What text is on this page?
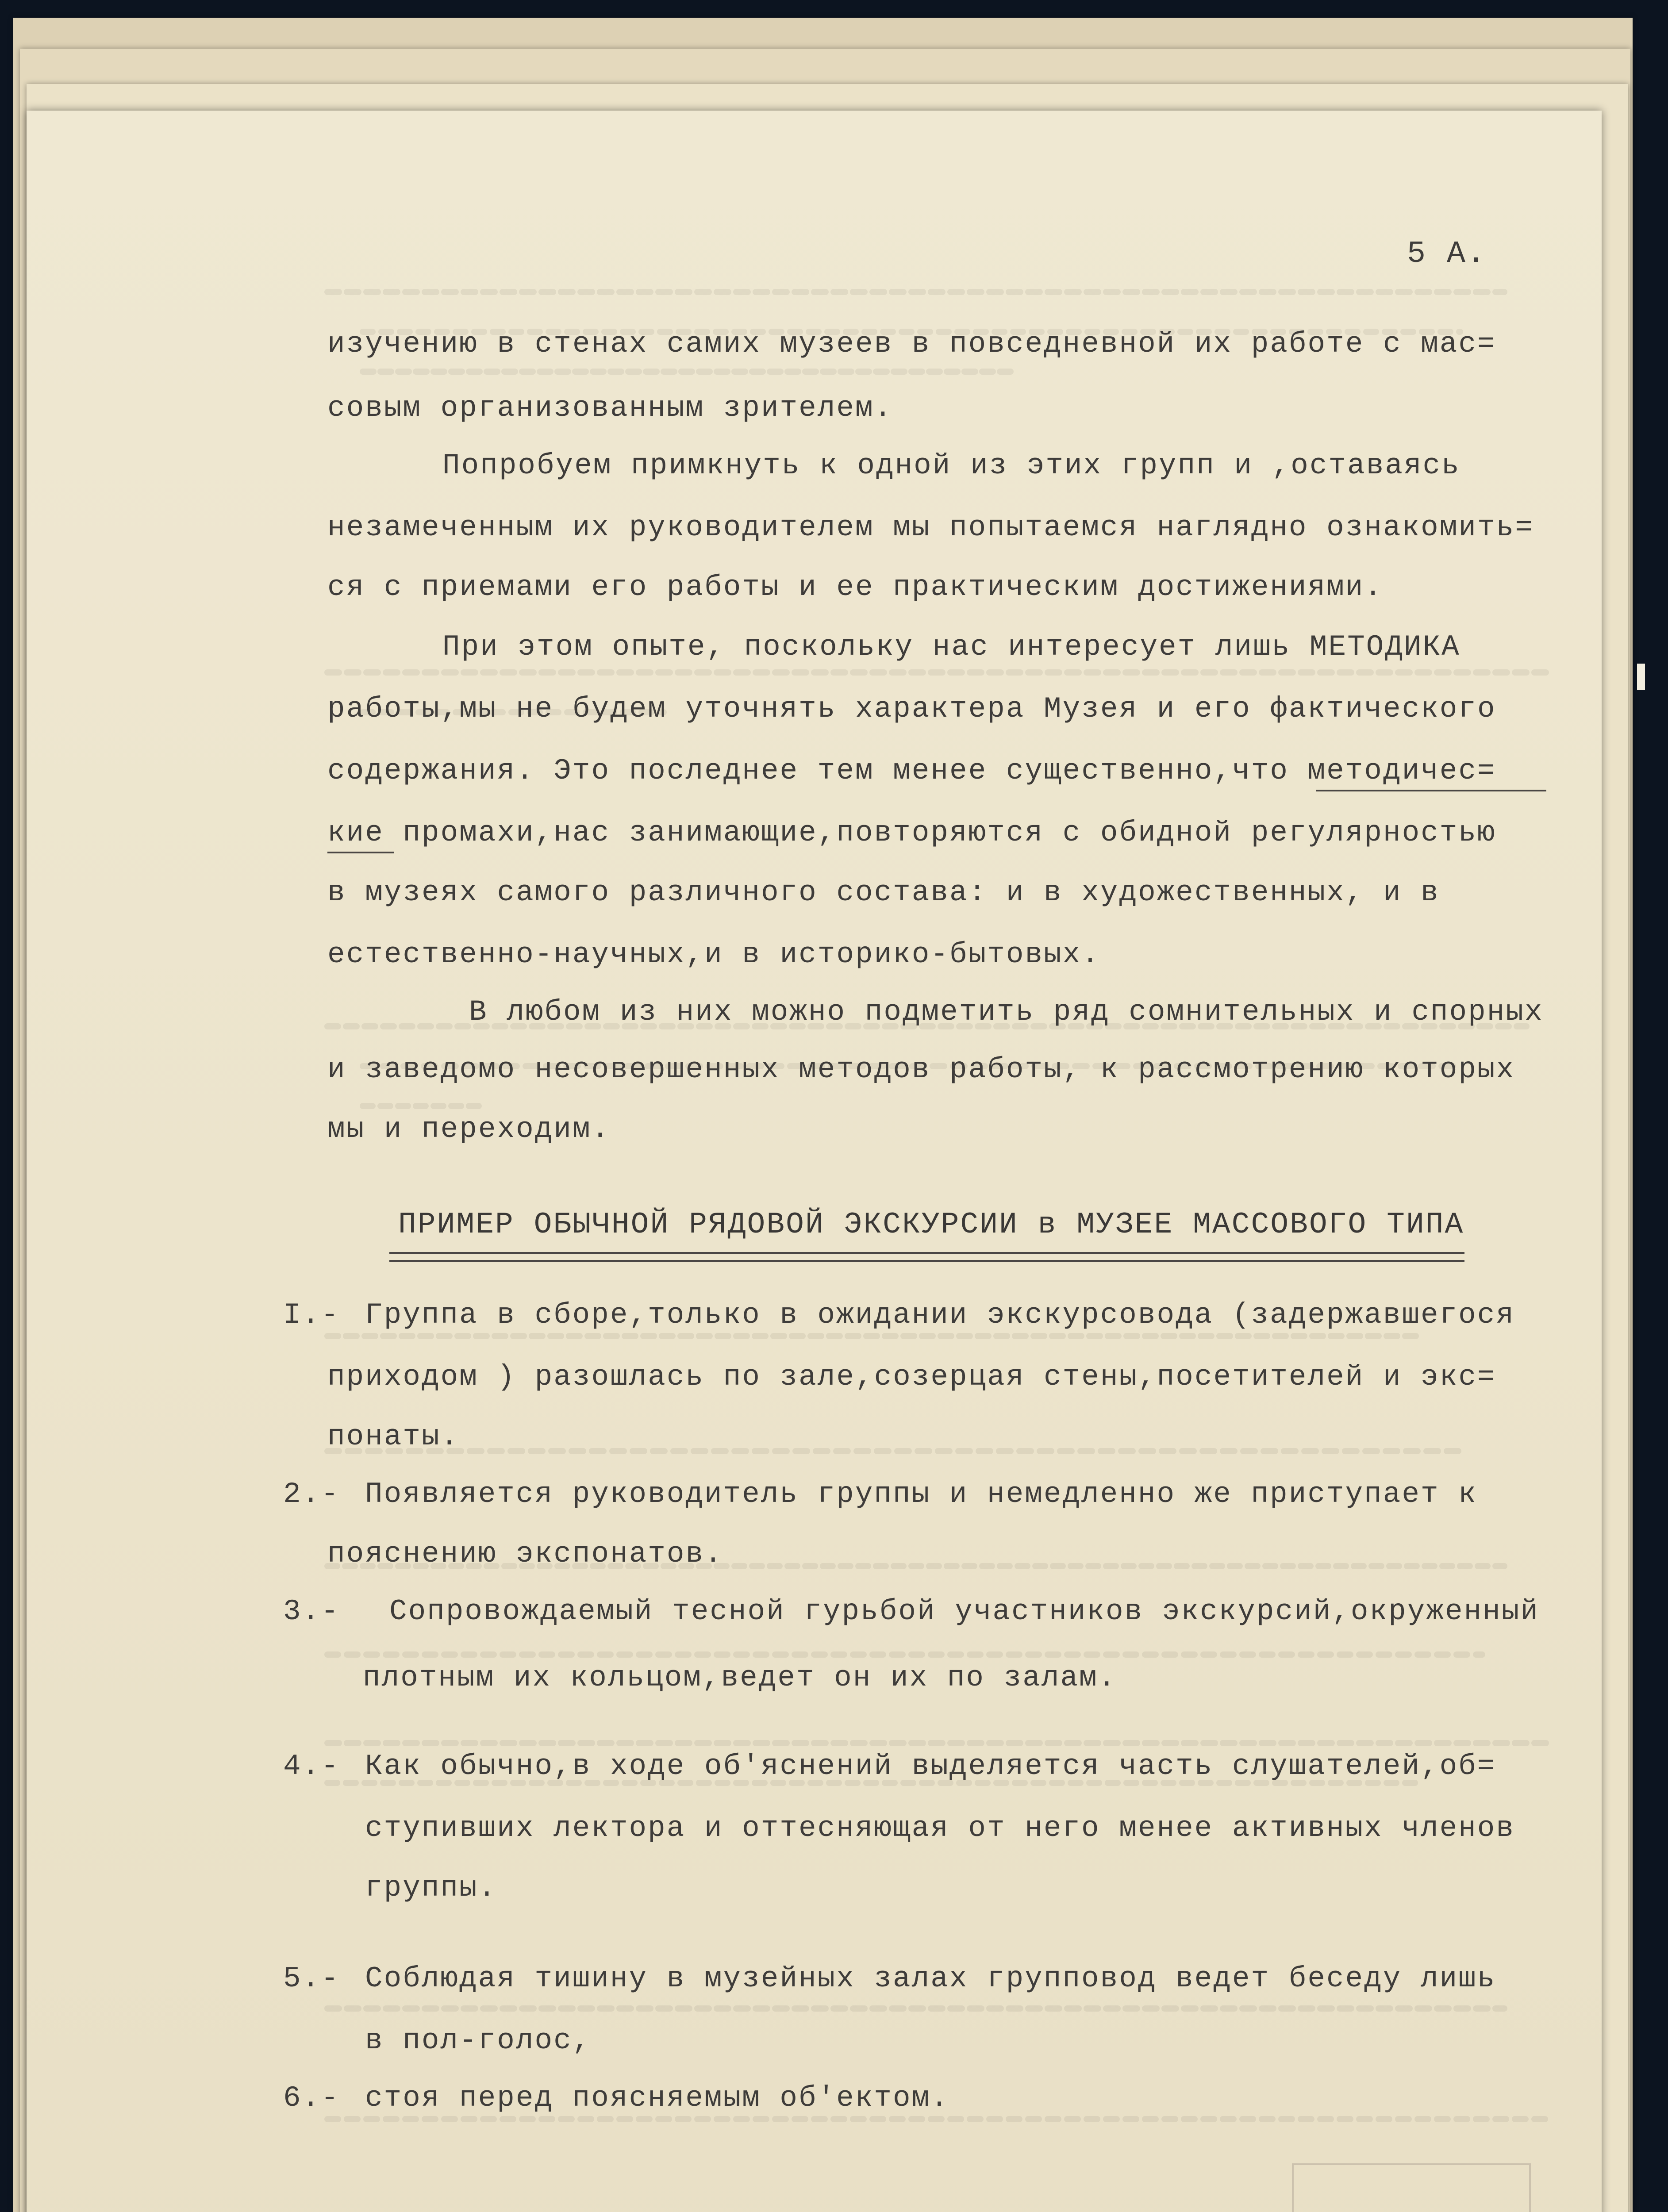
5 A.
изучению в стенах самих музеев в повседневной их работе с мас=
совым организованным зрителем.
Попробуем примкнуть к одной из этих групп и ,оставаясь
незамеченным их руководителем мы попытаемся наглядно ознакомить=
ся с приемами его работы и ее практическим достижениями.
При этом опыте, поскольку нас интересует лишь МЕТОДИКА
работы,мы не будем уточнять характера Музея и его фактического
содержания. Это последнее тем менее существенно,что методичес=
кие промахи,нас занимающие,повторяются с обидной регулярностью
в музеях самого различного состава: и в художественных, и в
естественно-научных,и в историко-бытовых.
В любом из них можно подметить ряд сомнительных и спорных
и заведомо несовершенных методов работы, к рассмотрению которых
мы и переходим.
ПРИМЕР ОБЫЧНОЙ РЯДОВОЙ ЭКСКУРСИИ в МУЗЕЕ МАССОВОГО ТИПА
I.- Группа в сборе,только в ожидании экскурсовода (задержавшегося
приходом ) разошлась по зале,созерцая стены,посетителей и экс=
понаты.
2.- Появляется руководитель группы и немедленно же приступает к
пояснению экспонатов.
3.- Сопровождаемый тесной гурьбой участников экскурсий,окруженный
плотным их кольцом,ведет он их по залам.
4.- Как обычно,в ходе об'яснений выделяется часть слушателей,об=
ступивших лектора и оттесняющая от него менее активных членов
группы.
5.- Соблюдая тишину в музейных залах групповод ведет беседу лишь
в пол-голос,
6.- стоя перед поясняемым об'ектом.
